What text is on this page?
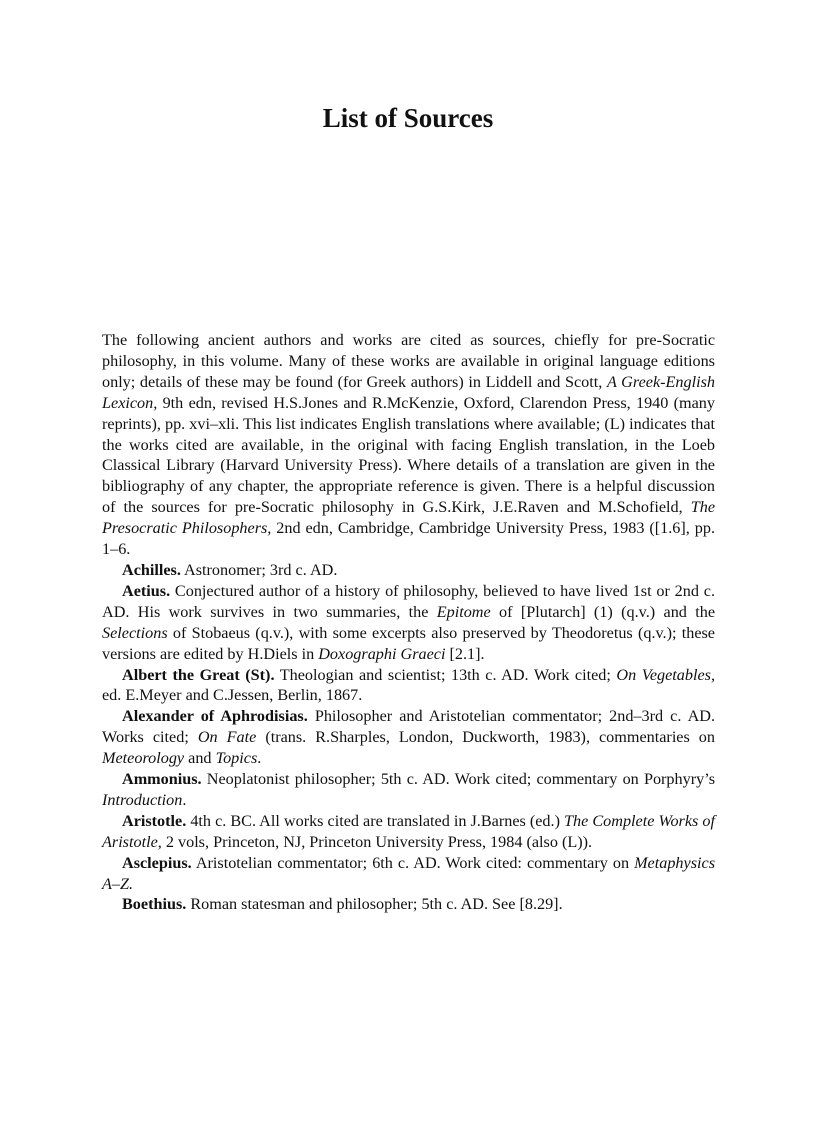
List of Sources

The following ancient authors and works are cited as sources, chiefly for pre-Socratic philosophy, in this volume. Many of these works are available in original language editions only; details of these may be found (for Greek authors) in Liddell and Scott, A Greek-English Lexicon, 9th edn, revised H.S.Jones and R.McKenzie, Oxford, Clarendon Press, 1940 (many reprints), pp. xvi–xli. This list indicates English translations where available; (L) indicates that the works cited are available, in the original with facing English translation, in the Loeb Classical Library (Harvard University Press). Where details of a translation are given in the bibliography of any chapter, the appropriate reference is given. There is a helpful discussion of the sources for pre-Socratic philosophy in G.S.Kirk, J.E.Raven and M.Schofield, The Presocratic Philosophers, 2nd edn, Cambridge, Cambridge University Press, 1983 ([1.6], pp. 1–6.

Achilles. Astronomer; 3rd c. AD.

Aetius. Conjectured author of a history of philosophy, believed to have lived 1st or 2nd c. AD. His work survives in two summaries, the Epitome of [Plutarch] (1) (q.v.) and the Selections of Stobaeus (q.v.), with some excerpts also preserved by Theodoretus (q.v.); these versions are edited by H.Diels in Doxographi Graeci [2.1].

Albert the Great (St). Theologian and scientist; 13th c. AD. Work cited; On Vegetables, ed. E.Meyer and C.Jessen, Berlin, 1867.

Alexander of Aphrodisias. Philosopher and Aristotelian commentator; 2nd–3rd c. AD. Works cited; On Fate (trans. R.Sharples, London, Duckworth, 1983), commentaries on Meteorology and Topics.

Ammonius. Neoplatonist philosopher; 5th c. AD. Work cited; commentary on Porphyry’s Introduction.

Aristotle. 4th c. BC. All works cited are translated in J.Barnes (ed.) The Complete Works of Aristotle, 2 vols, Princeton, NJ, Princeton University Press, 1984 (also (L)).

Asclepius. Aristotelian commentator; 6th c. AD. Work cited: commentary on Metaphysics A–Z.

Boethius. Roman statesman and philosopher; 5th c. AD. See [8.29].
